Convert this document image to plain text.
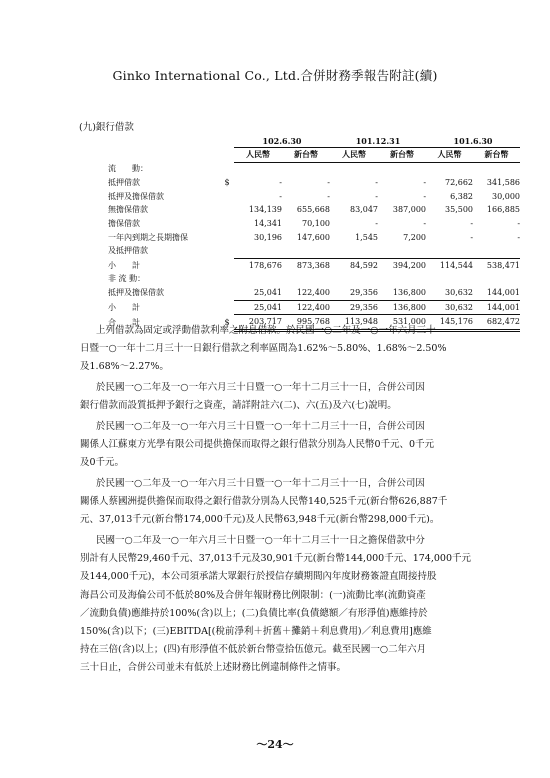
Ginko International Co., Ltd.合併財務季報告附註(續)
(九)銀行借款
		102.6.30		101.12.31		101.6.30	
		人民幣	新台幣	人民幣	新台幣	人民幣	新台幣
流　　動：							
抵押借款	$	-	-	-	-	72,662	341,586
抵押及擔保借款		-	-	-	-	6,382	30,000
無擔保借款		134,139	655,668	83,047	387,000	35,500	166,885
擔保借款		14,341	70,100	-	-	-	-
一年內到期之長期擔保		30,196	147,600	1,545	7,200	-	-
及抵押借款							
小　　計		178,676	873,368	84,592	394,200	114,544	538,471
非 流 動：							
抵押及擔保借款		25,041	122,400	29,356	136,800	30,632	144,001
小　　計		25,041	122,400	29,356	136,800	30,632	144,001
合　　計	$	203,717	995,768	113,948	531,000	145,176	682,472
上列借款為固定或浮動借款利率之附息借款。於民國一○二年及一○一年六月三十
日暨一○一年十二月三十一日銀行借款之利率區間為1.62%～5.80%、1.68%～2.50%
及1.68%～2.27%。
於民國一○二年及一○一年六月三十日暨一○一年十二月三十一日，合併公司因
銀行借款而設質抵押予銀行之資產，請詳附註六(二)、六(五)及六(七)說明。
於民國一○二年及一○一年六月三十日暨一○一年十二月三十一日，合併公司因
關係人江蘇東方光學有限公司提供擔保而取得之銀行借款分別為人民幣0千元、0千元
及0千元。
於民國一○二年及一○一年六月三十日暨一○一年十二月三十一日，合併公司因
關係人蔡國洲提供擔保而取得之銀行借款分別為人民幣140,525千元(新台幣626,887千
元、37,013千元(新台幣174,000千元)及人民幣63,948千元(新台幣298,000千元)。
民國一○二年及一○一年六月三十日暨一○一年十二月三十一日之擔保借款中分
別計有人民幣29,460千元、37,013千元及30,901千元(新台幣144,000千元、174,000千元
及144,000千元)，本公司須承諾大眾銀行於授信存續期間內年度財務簽證直間接持股
海昌公司及海倫公司不低於80%及合併年報財務比例限制：(一)流動比率(流動資產
／流動負債)應維持於100%(含)以上；(二)負債比率(負債總額／有形淨值)應維持於
150%(含)以下；(三)EBITDA[(稅前淨利＋折舊＋攤銷＋利息費用)／利息費用]應維
持在三倍(含)以上；(四)有形淨值不低於新台幣壹拾伍億元。截至民國一○二年六月
三十日止，合併公司並未有低於上述財務比例違制條件之情事。
～24～
